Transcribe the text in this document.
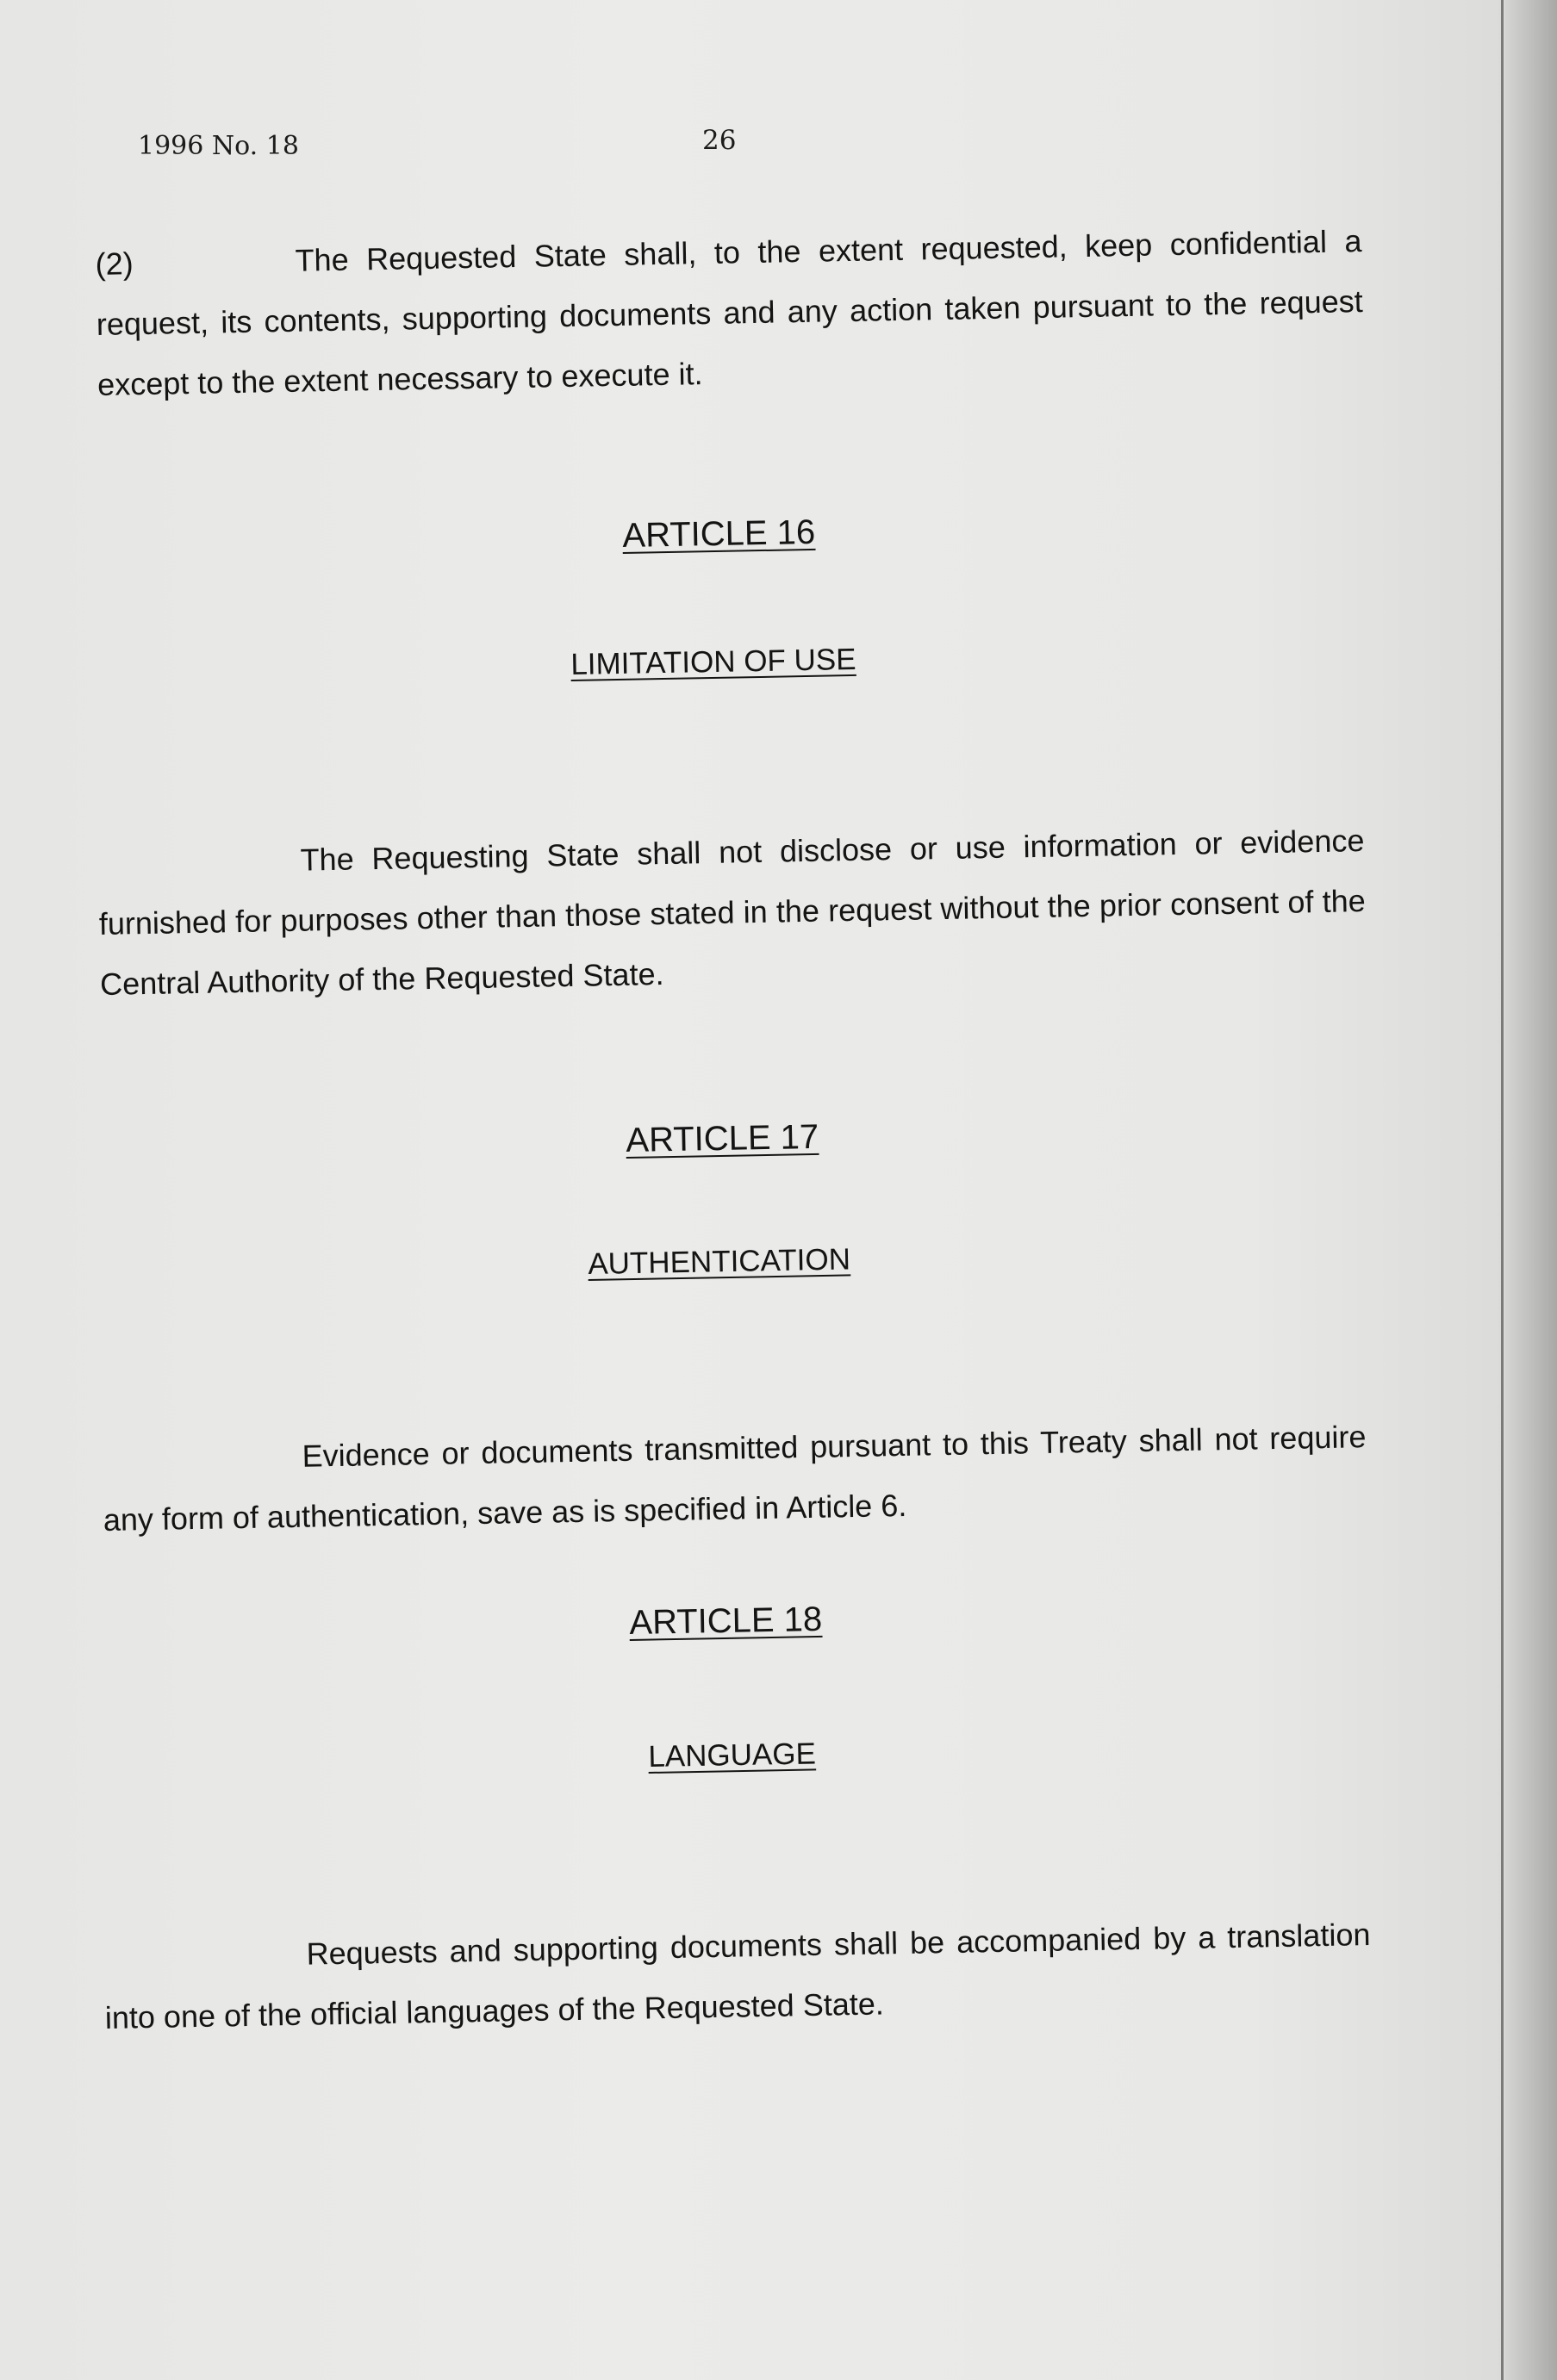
1996 No. 18	26
(2)	The Requested State shall, to the extent requested, keep confidential a request, its contents, supporting documents and any action taken pursuant to the request except to the extent necessary to execute it.
ARTICLE 16
LIMITATION OF USE
The Requesting State shall not disclose or use information or evidence furnished for purposes other than those stated in the request without the prior consent of the Central Authority of the Requested State.
ARTICLE 17
AUTHENTICATION
Evidence or documents transmitted pursuant to this Treaty shall not require any form of authentication, save as is specified in Article 6.
ARTICLE 18
LANGUAGE
Requests and supporting documents shall be accompanied by a translation into one of the official languages of the Requested State.
